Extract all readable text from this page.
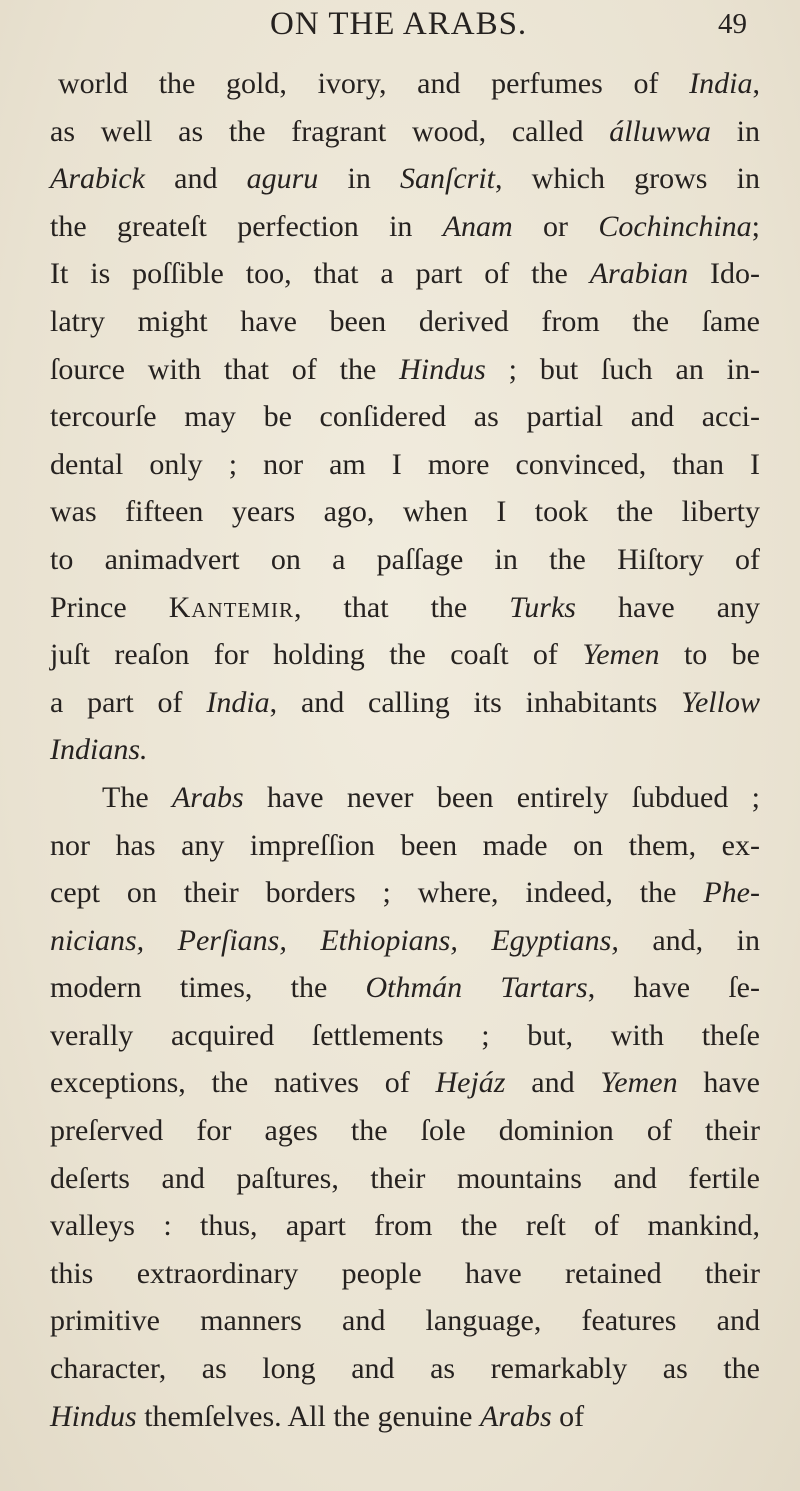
ON THE ARABS.	49
world the gold, ivory, and perfumes of India,
as well as the fragrant wood, called álluwwa in
Arabick and aguru in Sanſcrit, which grows in
the greateſt perfection in Anam or Cochinchina;
It is poſſible too, that a part of the Arabian Ido-
latry might have been derived from the ſame
ſource with that of the Hindus ; but ſuch an in-
tercourſe may be conſidered as partial and acci-
dental only ; nor am I more convinced, than I
was fifteen years ago, when I took the liberty
to animadvert on a paſſage in the Hiſtory of
Prince Kantemir, that the Turks have any
juſt reaſon for holding the coaſt of Yemen to be
a part of India, and calling its inhabitants Yellow
Indians.
The Arabs have never been entirely ſubdued ;
nor has any impreſſion been made on them, ex-
cept on their borders ; where, indeed, the Phe-
nicians, Perſians, Ethiopians, Egyptians, and, in
modern times, the Othmán Tartars, have ſe-
verally acquired ſettlements ; but, with theſe
exceptions, the natives of Hejáz and Yemen have
preſerved for ages the ſole dominion of their
deſerts and paſtures, their mountains and fertile
valleys : thus, apart from the reſt of mankind,
this extraordinary people have retained their
primitive manners and language, features and
character, as long and as remarkably as the
Hindus themſelves. All the genuine Arabs of
